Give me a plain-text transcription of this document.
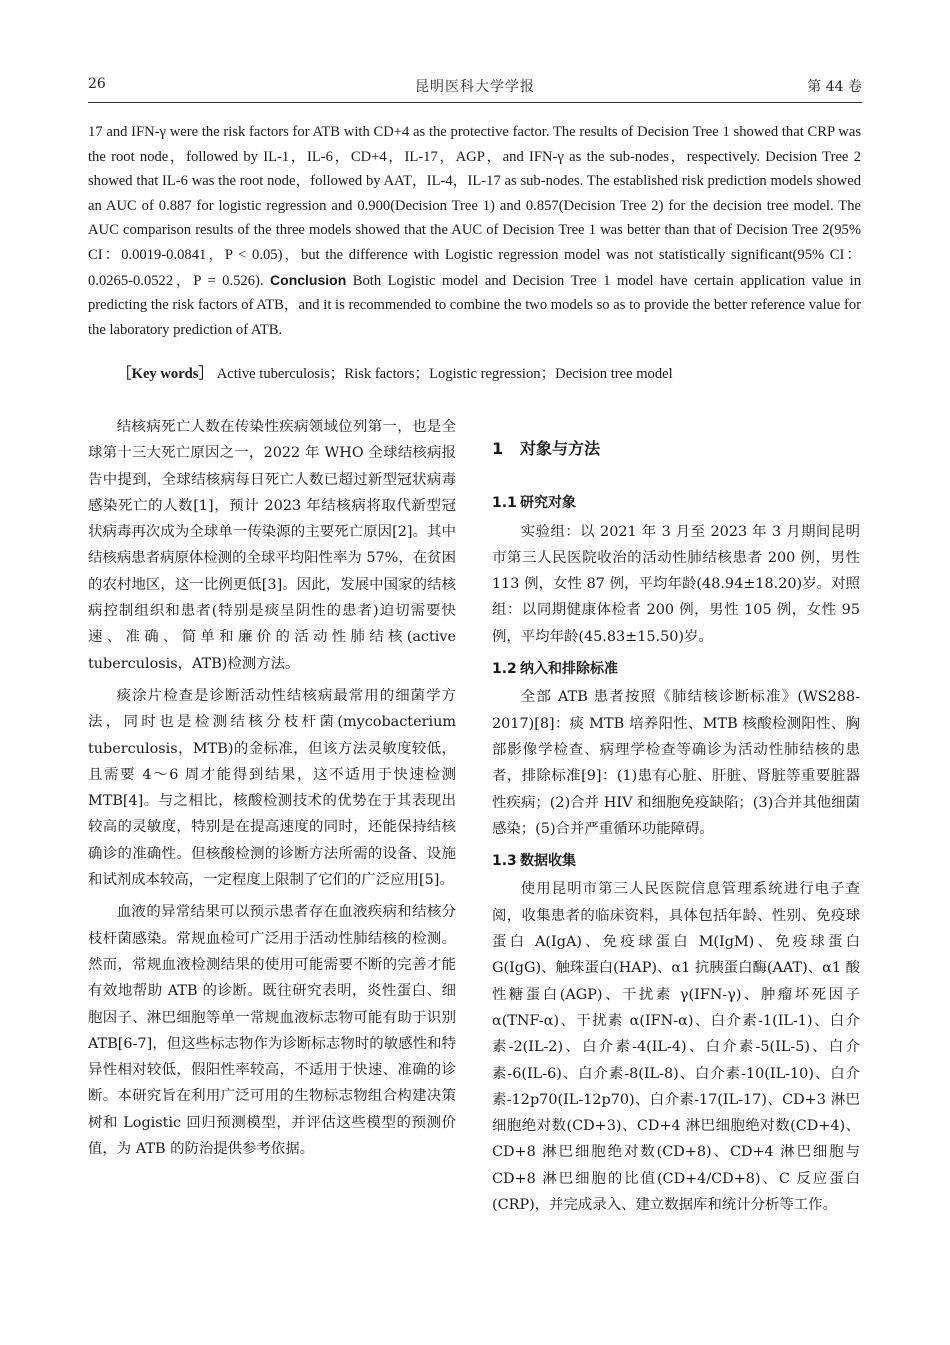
26	昆明医科大学学报	第 44 卷

17 and IFN-γ were the risk factors for ATB with CD+4 as the protective factor. The results of Decision Tree 1 showed that CRP was the root node，followed by IL-1，IL-6，CD+4，IL-17，AGP，and IFN-γ as the sub-nodes，respectively. Decision Tree 2 showed that IL-6 was the root node，followed by AAT，IL-4，IL-17 as sub-nodes. The established risk prediction models showed an AUC of 0.887 for logistic regression and 0.900(Decision Tree 1) and 0.857(Decision Tree 2) for the decision tree model. The AUC comparison results of the three models showed that the AUC of Decision Tree 1 was better than that of Decision Tree 2(95% CI：0.0019-0.0841，P < 0.05)，but the difference with Logistic regression model was not statistically significant(95% CI：0.0265-0.0522，P = 0.526). Conclusion Both Logistic model and Decision Tree 1 model have certain application value in predicting the risk factors of ATB，and it is recommended to combine the two models so as to provide the better reference value for the laboratory prediction of ATB.

［Key words］ Active tuberculosis；Risk factors；Logistic regression；Decision tree model

结核病死亡人数在传染性疾病领域位列第一，也是全球第十三大死亡原因之一，2022 年 WHO 全球结核病报告中提到，全球结核病每日死亡人数已超过新型冠状病毒感染死亡的人数[1]，预计 2023 年结核病将取代新型冠状病毒再次成为全球单一传染源的主要死亡原因[2]。其中结核病患者病原体检测的全球平均阳性率为 57%，在贫困的农村地区，这一比例更低[3]。因此，发展中国家的结核病控制组织和患者(特别是痰呈阴性的患者)迫切需要快速、准确、简单和廉价的活动性肺结核(active tuberculosis，ATB)检测方法。

痰涂片检查是诊断活动性结核病最常用的细菌学方法，同时也是检测结核分枝杆菌(mycobacterium tuberculosis，MTB)的金标准，但该方法灵敏度较低，且需要 4～6 周才能得到结果，这不适用于快速检测 MTB[4]。与之相比，核酸检测技术的优势在于其表现出较高的灵敏度，特别是在提高速度的同时，还能保持结核确诊的准确性。但核酸检测的诊断方法所需的设备、设施和试剂成本较高，一定程度上限制了它们的广泛应用[5]。

血液的异常结果可以预示患者存在血液疾病和结核分枝杆菌感染。常规血检可广泛用于活动性肺结核的检测。然而，常规血液检测结果的使用可能需要不断的完善才能有效地帮助 ATB 的诊断。既往研究表明，炎性蛋白、细胞因子、淋巴细胞等单一常规血液标志物可能有助于识别 ATB[6-7]，但这些标志物作为诊断标志物时的敏感性和特异性相对较低，假阳性率较高，不适用于快速、准确的诊断。本研究旨在利用广泛可用的生物标志物组合构建决策树和 Logistic 回归预测模型，并评估这些模型的预测价值，为 ATB 的防治提供参考依据。

1 对象与方法
1.1 研究对象

实验组：以 2021 年 3 月至 2023 年 3 月期间昆明市第三人民医院收治的活动性肺结核患者 200 例，男性 113 例，女性 87 例，平均年龄(48.94±18.20)岁。对照组：以同期健康体检者 200 例，男性 105 例，女性 95 例，平均年龄(45.83±15.50)岁。

1.2 纳入和排除标准

全部 ATB 患者按照《肺结核诊断标准》(WS288-2017)[8]：痰 MTB 培养阳性、MTB 核酸检测阳性、胸部影像学检查、病理学检查等确诊为活动性肺结核的患者，排除标准[9]：(1)患有心脏、肝脏、肾脏等重要脏器性疾病；(2)合并 HIV 和细胞免疫缺陷；(3)合并其他细菌感染；(5)合并严重循环功能障碍。

1.3 数据收集

使用昆明市第三人民医院信息管理系统进行电子查阅，收集患者的临床资料，具体包括年龄、性别、免疫球蛋白 A(IgA)、免疫球蛋白 M(IgM)、免疫球蛋白 G(IgG)、触珠蛋白(HAP)、α1 抗胰蛋白酶(AAT)、α1 酸性糖蛋白(AGP)、干扰素 γ(IFN-γ)、肿瘤坏死因子 α(TNF-α)、干扰素 α(IFN-α)、白介素-1(IL-1)、白介素-2(IL-2)、白介素-4(IL-4)、白介素-5(IL-5)、白介素-6(IL-6)、白介素-8(IL-8)、白介素-10(IL-10)、白介素-12p70(IL-12p70)、白介素-17(IL-17)、CD+3 淋巴细胞绝对数(CD+3)、CD+4 淋巴细胞绝对数(CD+4)、CD+8 淋巴细胞绝对数(CD+8)、CD+4 淋巴细胞与 CD+8 淋巴细胞的比值(CD+4/CD+8)、C 反应蛋白(CRP)，并完成录入、建立数据库和统计分析等工作。
